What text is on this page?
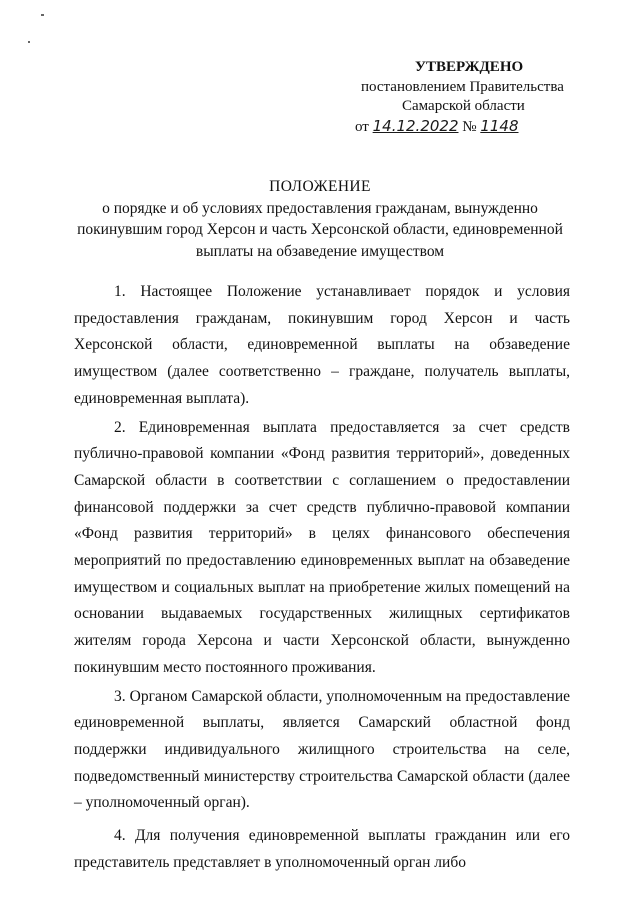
УТВЕРЖДЕНО
постановлением Правительства
Самарской области
от 14.12.2022 № 1148
ПОЛОЖЕНИЕ
о порядке и об условиях предоставления гражданам, вынужденно
покинувшим город Херсон и часть Херсонской области, единовременной
выплаты на обзаведение имуществом

1. Настоящее Положение устанавливает порядок и условия предоставления гражданам, покинувшим город Херсон и часть Херсонской области, единовременной выплаты на обзаведение имуществом (далее соответственно – граждане, получатель выплаты, единовременная выплата).

2. Единовременная выплата предоставляется за счет средств публично-правовой компании «Фонд развития территорий», доведенных Самарской области в соответствии с соглашением о предоставлении финансовой поддержки за счет средств публично-правовой компании «Фонд развития территорий» в целях финансового обеспечения мероприятий по предоставлению единовременных выплат на обзаведение имуществом и социальных выплат на приобретение жилых помещений на основании выдаваемых государственных жилищных сертификатов жителям города Херсона и части Херсонской области, вынужденно покинувшим место постоянного проживания.

3. Органом Самарской области, уполномоченным на предоставление единовременной выплаты, является Самарский областной фонд поддержки индивидуального жилищного строительства на селе, подведомственный министерству строительства Самарской области (далее – уполномоченный орган).

4. Для получения единовременной выплаты гражданин или его представитель представляет в уполномоченный орган либо
